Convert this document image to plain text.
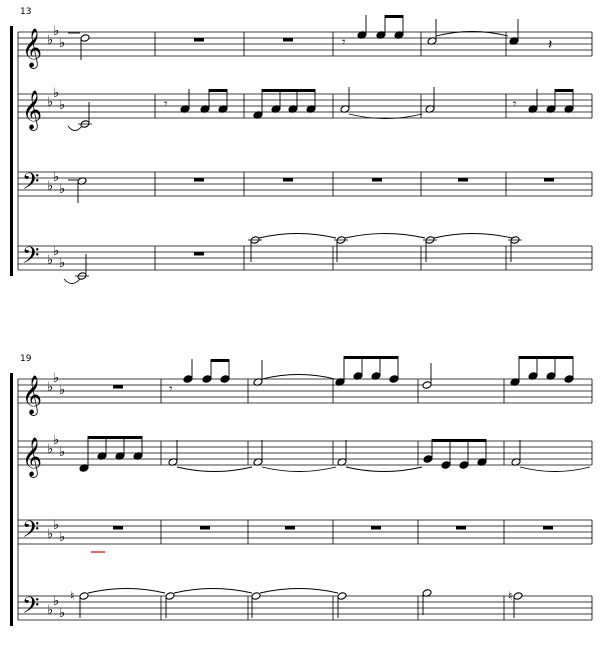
13
19
𝄞 ♭
♭
♭
𝄞 ♭
♭
♭
𝄢 ♭
♭
♭
𝄢 ♭
♭
♭
𝄞 ♭
♭
♭
𝄞 ♭
♭
♭
𝄢 ♭
♭
♭
𝄢 ♭
♭
♭
𝄾	𝄽
𝄾	𝄾
𝄾
♮	♮
